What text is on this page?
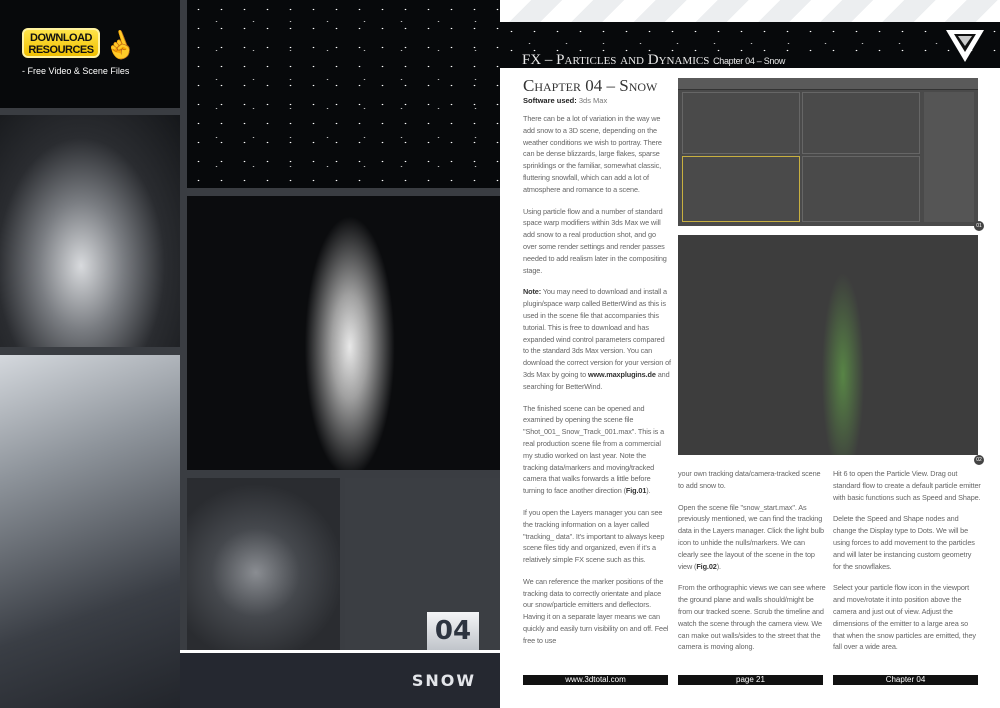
DOWNLOAD
RESOURCES ☝
- Free Video & Scene Files
SNOW
04
FX – Particles and Dynamics Chapter 04 – Snow
Chapter 04 – Snow
Software used: 3ds Max

There can be a lot of variation in the way we add snow to a 3D scene, depending on the weather conditions we wish to portray. There can be dense blizzards, large flakes, sparse sprinklings or the familiar, somewhat classic, fluttering snowfall, which can add a lot of atmosphere and romance to a scene.

Using particle flow and a number of standard space warp modifiers within 3ds Max we will add snow to a real production shot, and go over some render settings and render passes needed to add realism later in the compositing stage.

Note: You may need to download and install a plugin/space warp called BetterWind as this is used in the scene file that accompanies this tutorial. This is free to download and has expanded wind control parameters compared to the standard 3ds Max version. You can download the correct version for your version of 3ds Max by going to www.maxplugins.de and searching for BetterWind.

The finished scene can be opened and examined by opening the scene file "Shot_001_ Snow_Track_001.max". This is a real production scene file from a commercial my studio worked on last year. Note the tracking data/markers and moving/tracked camera that walks forwards a little before turning to face another direction (Fig.01).

If you open the Layers manager you can see the tracking information on a layer called "tracking_ data". It's important to always keep scene files tidy and organized, even if it's a relatively simple FX scene such as this.

We can reference the marker positions of the tracking data to correctly orientate and place our snow/particle emitters and deflectors. Having it on a separate layer means we can quickly and easily turn visibility on and off. Feel free to use

your own tracking data/camera-tracked scene to add snow to.

Open the scene file "snow_start.max". As previously mentioned, we can find the tracking data in the Layers manager. Click the light bulb icon to unhide the nulls/markers. We can clearly see the layout of the scene in the top view (Fig.02).

From the orthographic views we can see where the ground plane and walls should/might be from our tracked scene. Scrub the timeline and watch the scene through the camera view. We can make out walls/sides to the street that the camera is moving along.

Hit 6 to open the Particle View. Drag out standard flow to create a default particle emitter with basic functions such as Speed and Shape.

Delete the Speed and Shape nodes and change the Display type to Dots. We will be using forces to add movement to the particles and will later be instancing custom geometry for the snowflakes.

Select your particle flow icon in the viewport and move/rotate it into position above the camera and just out of view. Adjust the dimensions of the emitter to a large area so that when the snow particles are emitted, they fall over a wide area.

01
02
www.3dtotal.com	page 21	Chapter 04
